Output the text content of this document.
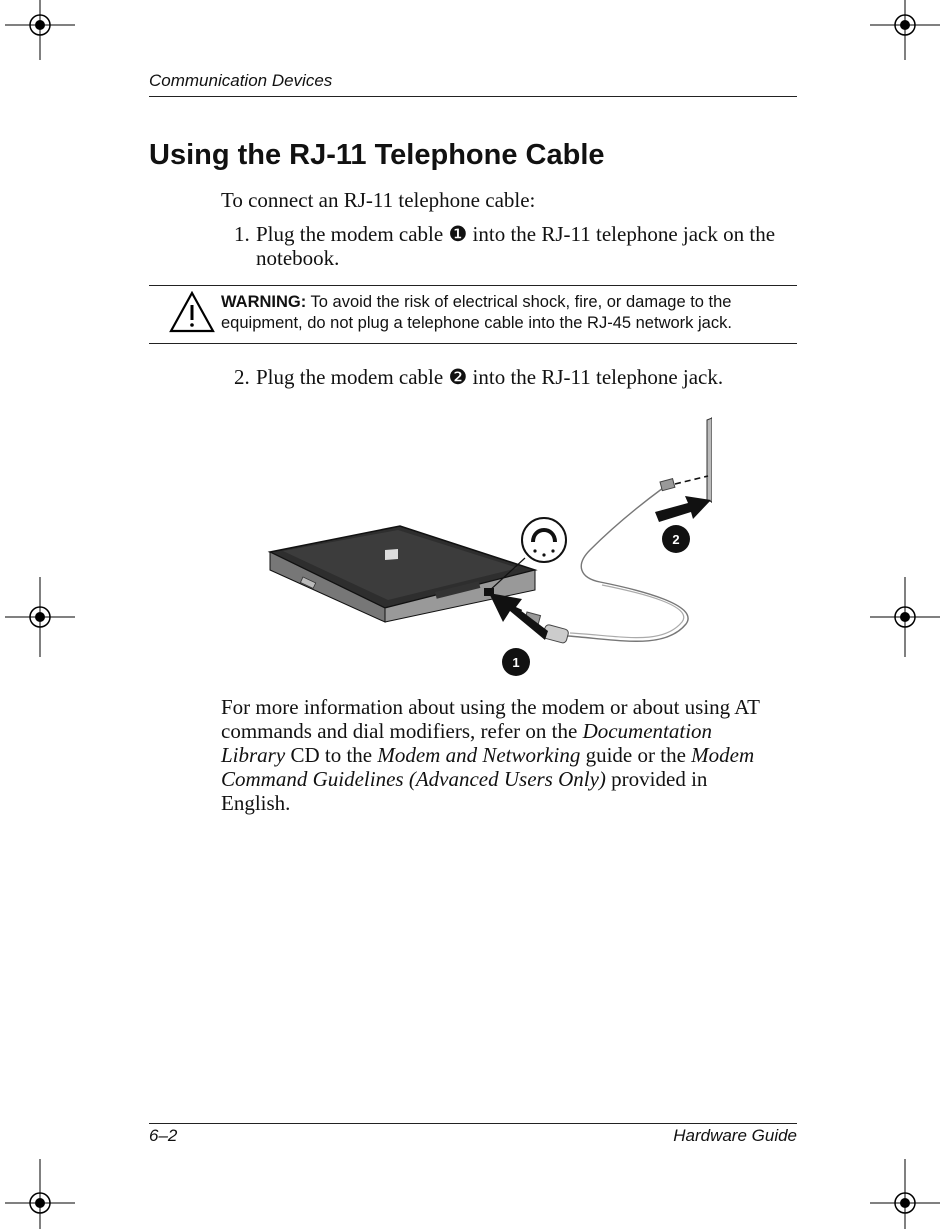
Communication Devices
Using the RJ-11 Telephone Cable
To connect an RJ-11 telephone cable:
1. Plug the modem cable ❶ into the RJ-11 telephone jack on the
notebook.
WARNING: To avoid the risk of electrical shock, fire, or damage to the
equipment, do not plug a telephone cable into the RJ-45 network jack.
2. Plug the modem cable ❷ into the RJ-11 telephone jack.
1
2
For more information about using the modem or about using AT
commands and dial modifiers, refer on the Documentation
Library CD to the Modem and Networking guide or the Modem
Command Guidelines (Advanced Users Only) provided in
English.
6–2	Hardware Guide
